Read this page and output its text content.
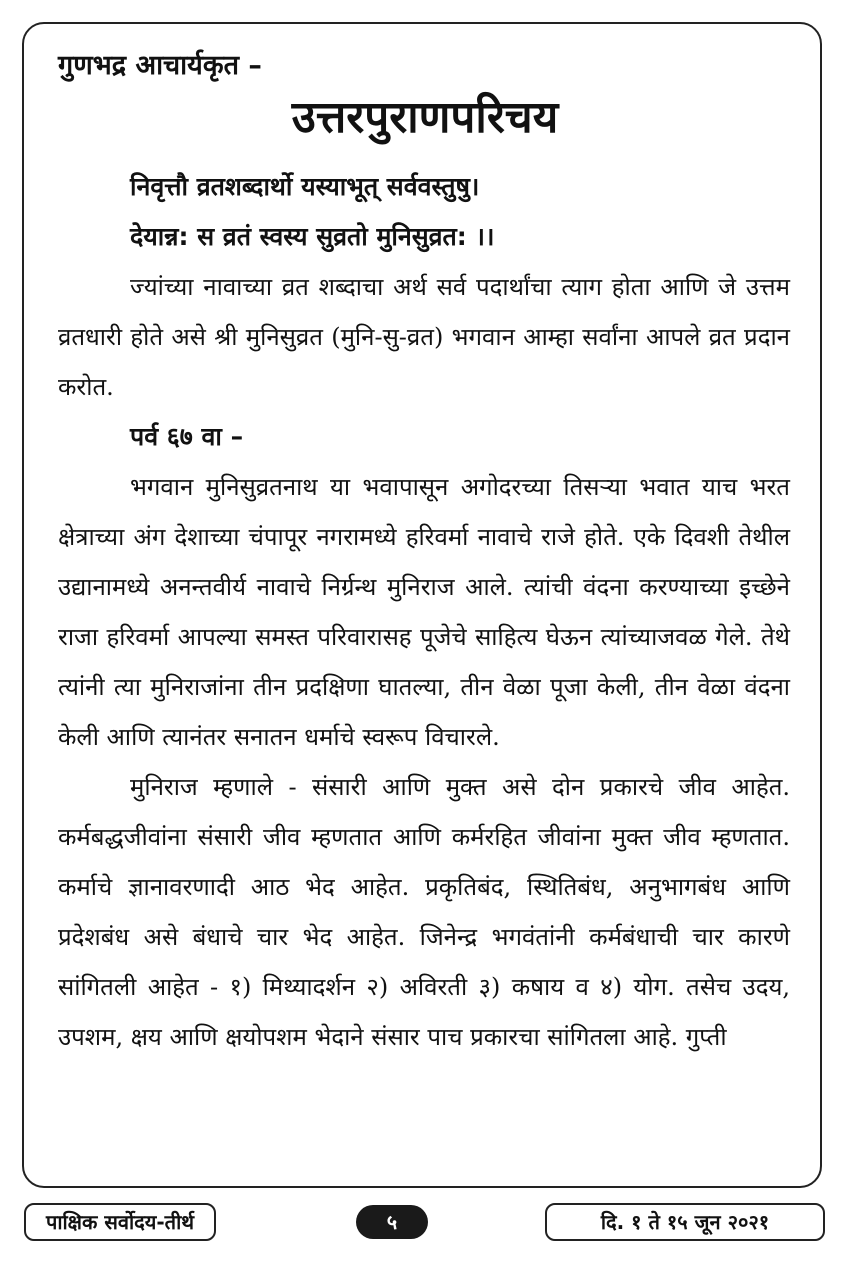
गुणभद्र आचार्यकृत –
उत्तरपुराणपरिचय
निवृत्तौ व्रतशब्दार्थो यस्याभूत् सर्ववस्तुषु।
देयान्न: स व्रतं स्वस्य सुव्रतो मुनिसुव्रत: ।।

ज्यांच्या नावाच्या व्रत शब्दाचा अर्थ सर्व पदार्थांचा त्याग होता आणि जे उत्तम व्रतधारी होते असे श्री मुनिसुव्रत (मुनि-सु-व्रत) भगवान आम्हा सर्वांना आपले व्रत प्रदान करोत.

पर्व ६७ वा –

भगवान मुनिसुव्रतनाथ या भवापासून अगोदरच्या तिसऱ्या भवात याच भरत क्षेत्राच्या अंग देशाच्या चंपापूर नगरामध्ये हरिवर्मा नावाचे राजे होते. एके दिवशी तेथील उद्यानामध्ये अनन्तवीर्य नावाचे निर्ग्रन्थ मुनिराज आले. त्यांची वंदना करण्याच्या इच्छेने राजा हरिवर्मा आपल्या समस्त परिवारासह पूजेचे साहित्य घेऊन त्यांच्याजवळ गेले. तेथे त्यांनी त्या मुनिराजांना तीन प्रदक्षिणा घातल्या, तीन वेळा पूजा केली, तीन वेळा वंदना केली आणि त्यानंतर सनातन धर्माचे स्वरूप विचारले.

मुनिराज म्हणाले - संसारी आणि मुक्त असे दोन प्रकारचे जीव आहेत. कर्मबद्धजीवांना संसारी जीव म्हणतात आणि कर्मरहित जीवांना मुक्त जीव म्हणतात. कर्माचे ज्ञानावरणादी आठ भेद आहेत. प्रकृतिबंद, स्थितिबंध, अनुभागबंध आणि प्रदेशबंध असे बंधाचे चार भेद आहेत. जिनेन्द्र भगवंतांनी कर्मबंधाची चार कारणे सांगितली आहेत - १) मिथ्यादर्शन २) अविरती ३) कषाय व ४) योग. तसेच उदय, उपशम, क्षय आणि क्षयोपशम भेदाने संसार पाच प्रकारचा सांगितला आहे. गुप्ती

पाक्षिक सर्वोदय-तीर्थ	५	दि. १ ते १५ जून २०२१
